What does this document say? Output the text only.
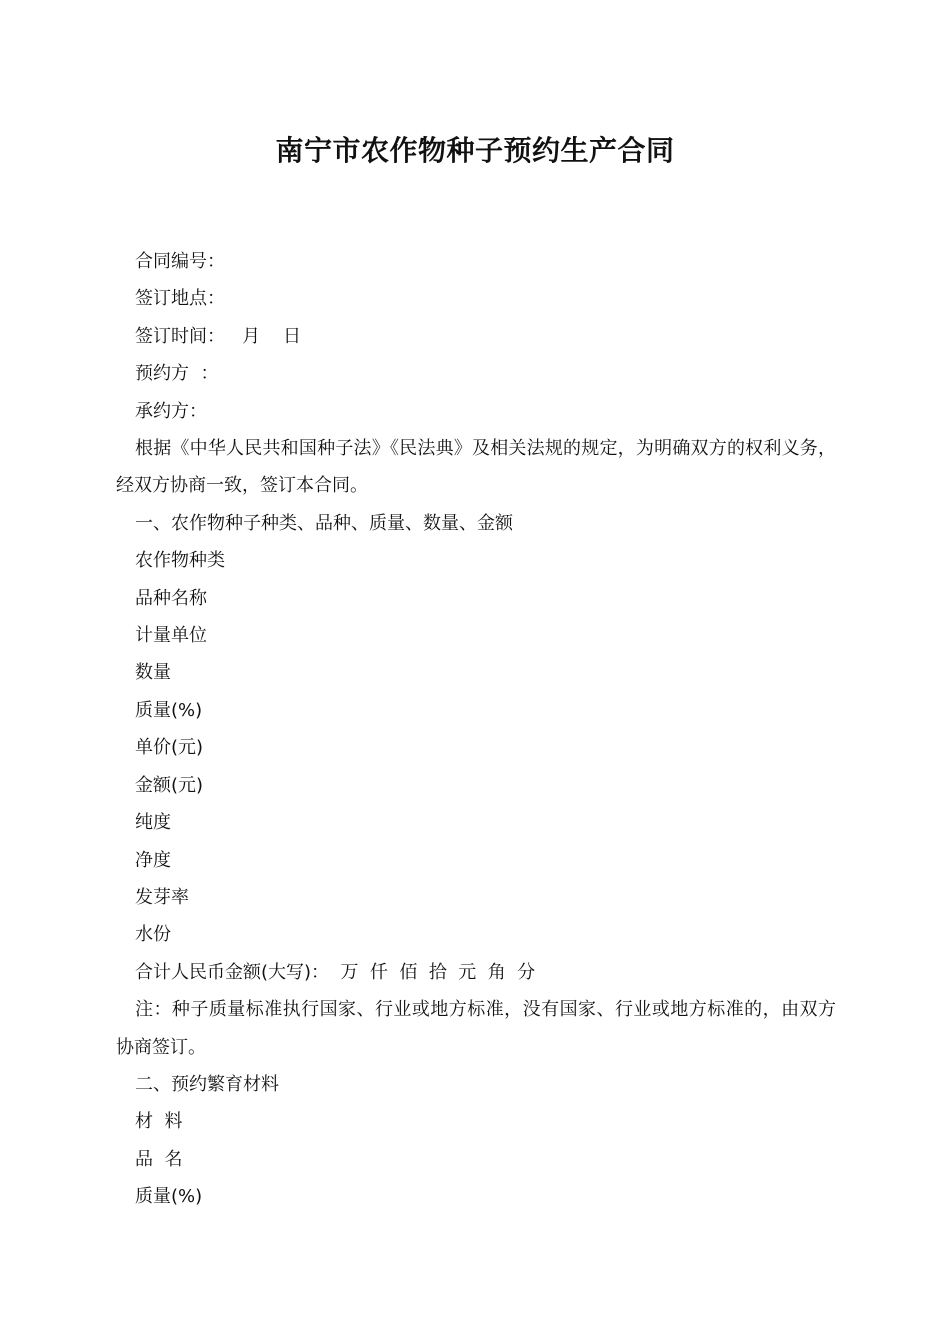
南宁市农作物种子预约生产合同

合同编号：

签订地点：

签订时间：   月    日

预约方  ：

承约方：

根据《中华人民共和国种子法》《民法典》及相关法规的规定，为明确双方的权利义务，经双方协商一致，签订本合同。

一、农作物种子种类、品种、质量、数量、金额

农作物种类

品种名称

计量单位

数量

质量(%)

单价(元)

金额(元)

纯度

净度

发芽率

水份

合计人民币金额(大写)：  万  仟  佰  拾  元  角  分

注：种子质量标准执行国家、行业或地方标准，没有国家、行业或地方标准的，由双方协商签订。

二、预约繁育材料

材  料

品  名

质量(%)
